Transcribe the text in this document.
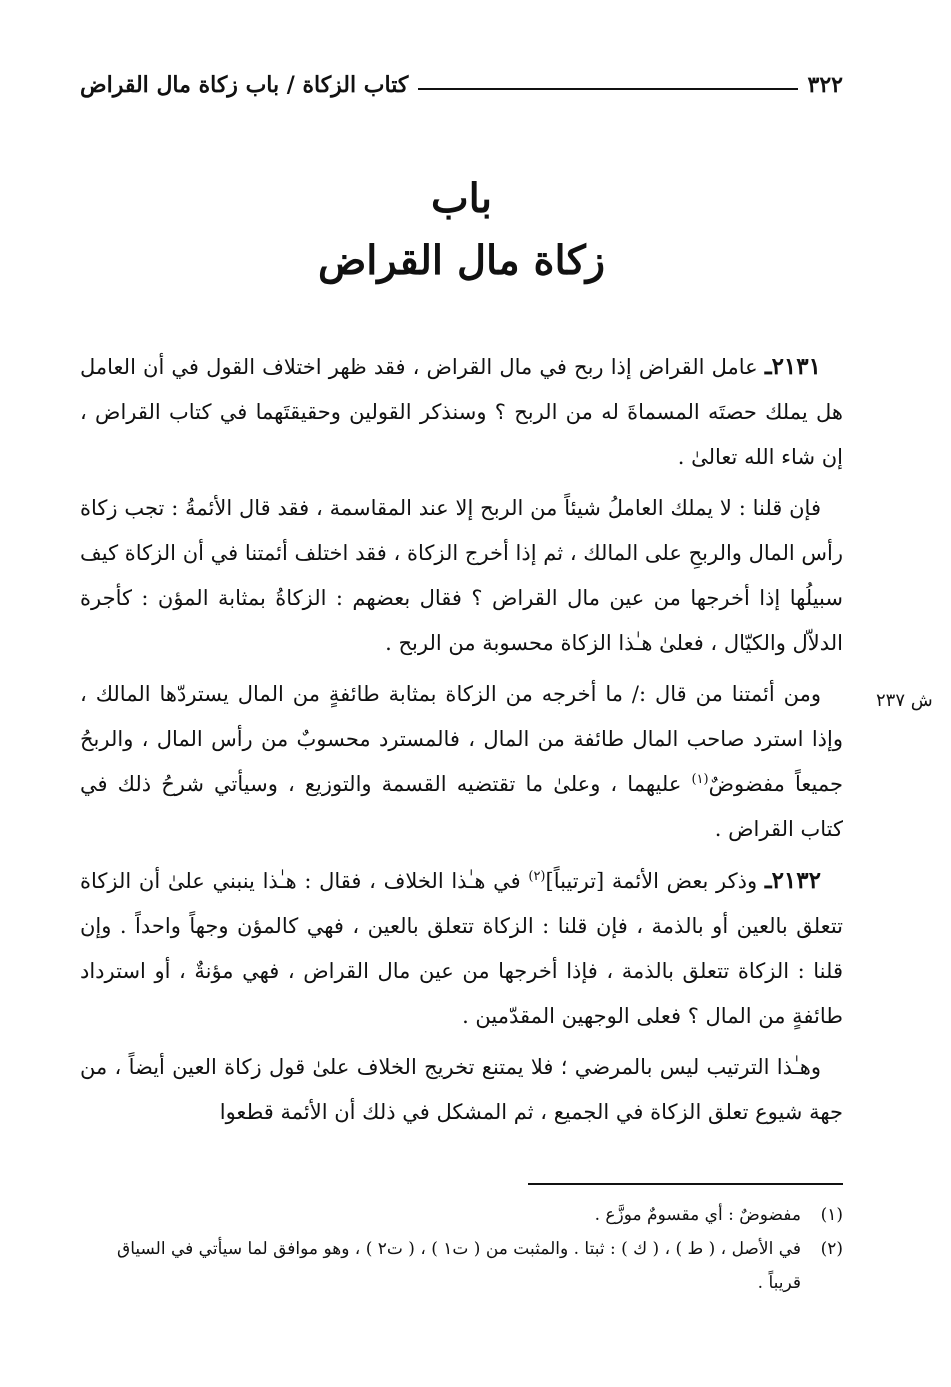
٣٢٢
كتاب الزكاة / باب زكاة مال القراض
باب
زكاة مال القراض
ش ٢٣٧

٢١٣١ـ عامل القراض إذا ربح في مال القراض ، فقد ظهر اختلاف القول في أن العامل هل يملك حصتَه المسماةَ له من الربح ؟ وسنذكر القولين وحقيقتَهما في كتاب القراض ، إن شاء الله تعالىٰ .

فإن قلنا : لا يملك العاملُ شيئاً من الربح إلا عند المقاسمة ، فقد قال الأئمةُ : تجب زكاة رأس المال والربحِ على المالك ، ثم إذا أخرج الزكاة ، فقد اختلف أئمتنا في أن الزكاة كيف سبيلُها إذا أخرجها من عين مال القراض ؟ فقال بعضهم : الزكاةُ بمثابة المؤن : كأجرة الدلاّل والكيّال ، فعلىٰ هـٰذا الزكاة محسوبة من الربح .

ومن أئمتنا من قال :/ ما أخرجه من الزكاة بمثابة طائفةٍ من المال يستردّها المالك ، وإذا استرد صاحب المال طائفة من المال ، فالمسترد محسوبٌ من رأس المال ، والربحُ جميعاً مفضوضٌ$^{(١)}$ عليهما ، وعلىٰ ما تقتضيه القسمة والتوزيع ، وسيأتي شرحُ ذلك في كتاب القراض .

٢١٣٢ـ وذكر بعض الأئمة [ترتيباً]$^{(٢)}$ في هـٰذا الخلاف ، فقال : هـٰذا ينبني علىٰ أن الزكاة تتعلق بالعين أو بالذمة ، فإن قلنا : الزكاة تتعلق بالعين ، فهي كالمؤن وجهاً واحداً . وإن قلنا : الزكاة تتعلق بالذمة ، فإذا أخرجها من عين مال القراض ، فهي مؤنةٌ ، أو استرداد طائفةٍ من المال ؟ فعلى الوجهين المقدّمين .

وهـٰذا الترتيب ليس بالمرضي ؛ فلا يمتنع تخريج الخلاف علىٰ قول زكاة العين أيضاً ، من جهة شيوع تعلق الزكاة في الجميع ، ثم المشكل في ذلك أن الأئمة قطعوا

(١)
مفضوضٌ : أي مقسومٌ موزَّع .
(٢)
في الأصل ، ( ط ) ، ( ك ) : ثبتا . والمثبت من ( ت١ ) ، ( ت٢ ) ، وهو موافق لما سيأتي في السياق قريباً .
